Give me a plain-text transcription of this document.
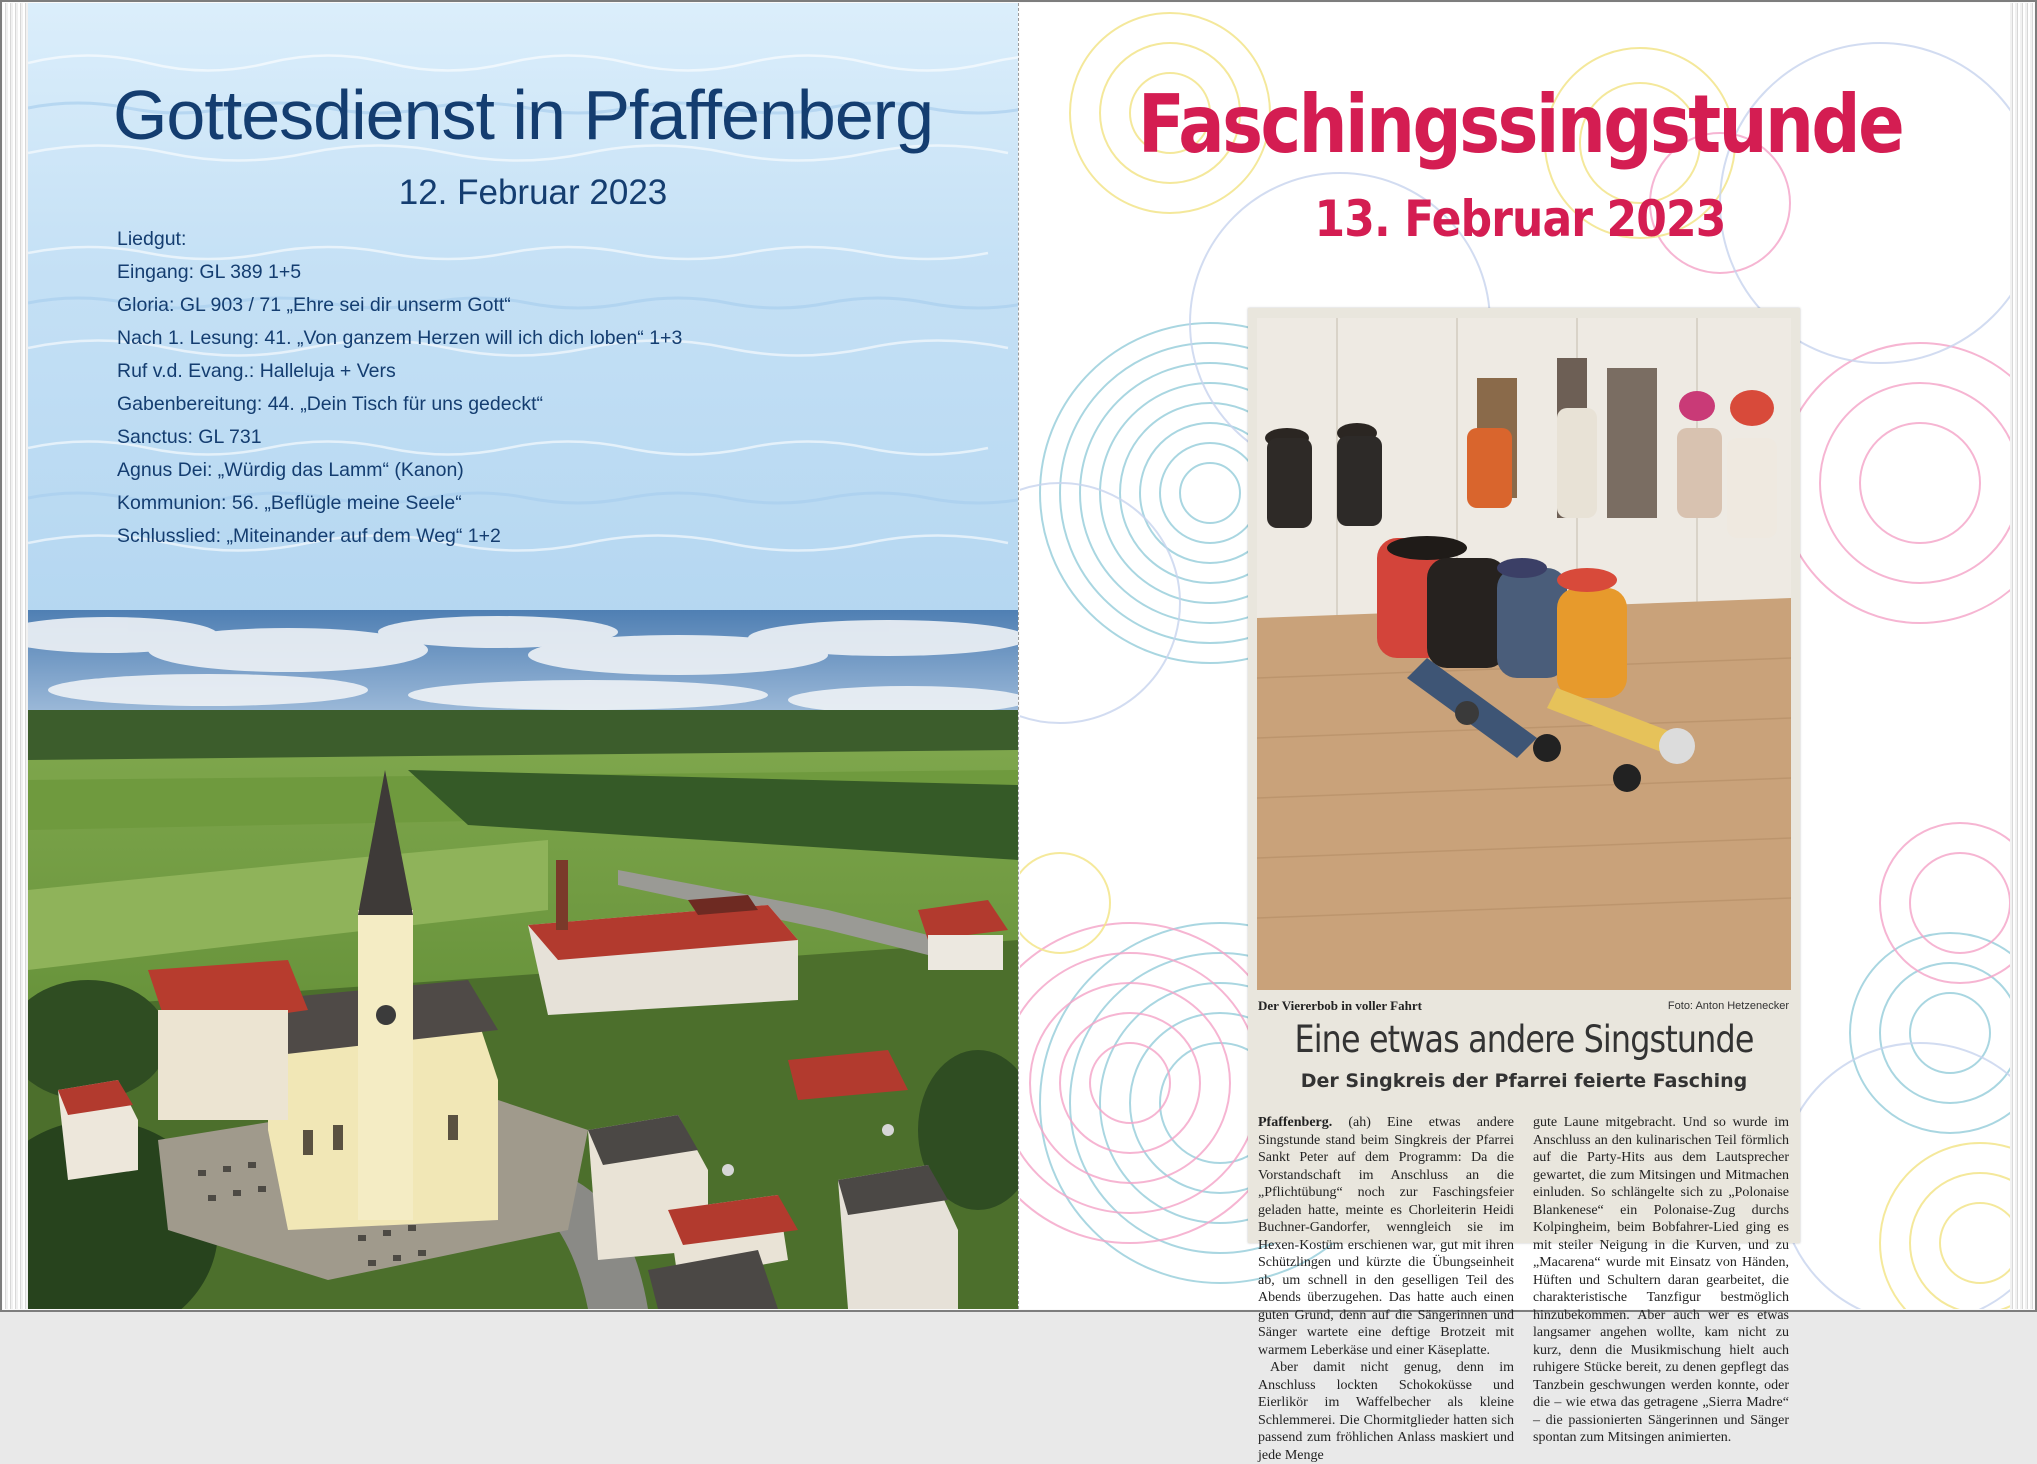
Gottesdienst in Pfaffenberg
12. Februar 2023
Liedgut:
Eingang: GL 389 1+5
Gloria: GL 903 / 71 „Ehre sei dir unserm Gott“
Nach 1. Lesung: 41. „Von ganzem Herzen will ich dich loben“ 1+3
Ruf v.d. Evang.: Halleluja + Vers
Gabenbereitung: 44. „Dein Tisch für uns gedeckt“
Sanctus: GL 731
Agnus Dei: „Würdig das Lamm“ (Kanon)
Kommunion: 56. „Beflügle meine Seele“
Schlusslied: „Miteinander auf dem Weg“ 1+2
Faschingssingstunde
13. Februar 2023
Der Viererbob in voller Fahrt	Foto: Anton Hetzenecker
Eine etwas andere Singstunde
Der Singkreis der Pfarrei feierte Fasching

Pfaffenberg. (ah) Eine etwas andere Singstunde stand beim Singkreis der Pfarrei Sankt Peter auf dem Programm: Da die Vorstandschaft im Anschluss an die „Pflichtübung“ noch zur Faschingsfeier geladen hatte, meinte es Chorleiterin Heidi Buchner-Gandorfer, wenngleich sie im Hexen-Kostüm erschienen war, gut mit ihren Schützlingen und kürzte die Übungseinheit ab, um schnell in den geselligen Teil des Abends überzugehen. Das hatte auch einen guten Grund, denn auf die Sängerinnen und Sänger wartete eine deftige Brotzeit mit warmem Leberkäse und einer Käseplatte.

Aber damit nicht genug, denn im Anschluss lockten Schokoküsse und Eierlikör im Waffelbecher als kleine Schlemmerei. Die Chormitglieder hatten sich passend zum fröhlichen Anlass maskiert und jede Menge

gute Laune mitgebracht. Und so wurde im Anschluss an den kulinarischen Teil förmlich auf die Party-Hits aus dem Lautsprecher gewartet, die zum Mitsingen und Mitmachen einluden. So schlängelte sich zu „Polonaise Blankenese“ ein Polonaise-Zug durchs Kolpingheim, beim Bobfahrer-Lied ging es mit steiler Neigung in die Kurven, und zu „Macarena“ wurde mit Einsatz von Händen, Hüften und Schultern daran gearbeitet, die charakteristische Tanzfigur bestmöglich hinzubekommen. Aber auch wer es etwas langsamer angehen wollte, kam nicht zu kurz, denn die Musikmischung hielt auch ruhigere Stücke bereit, zu denen gepflegt das Tanzbein geschwungen werden konnte, oder die – wie etwa das getragene „Sierra Madre“ – die passionierten Sängerinnen und Sänger spontan zum Mitsingen animierten.
